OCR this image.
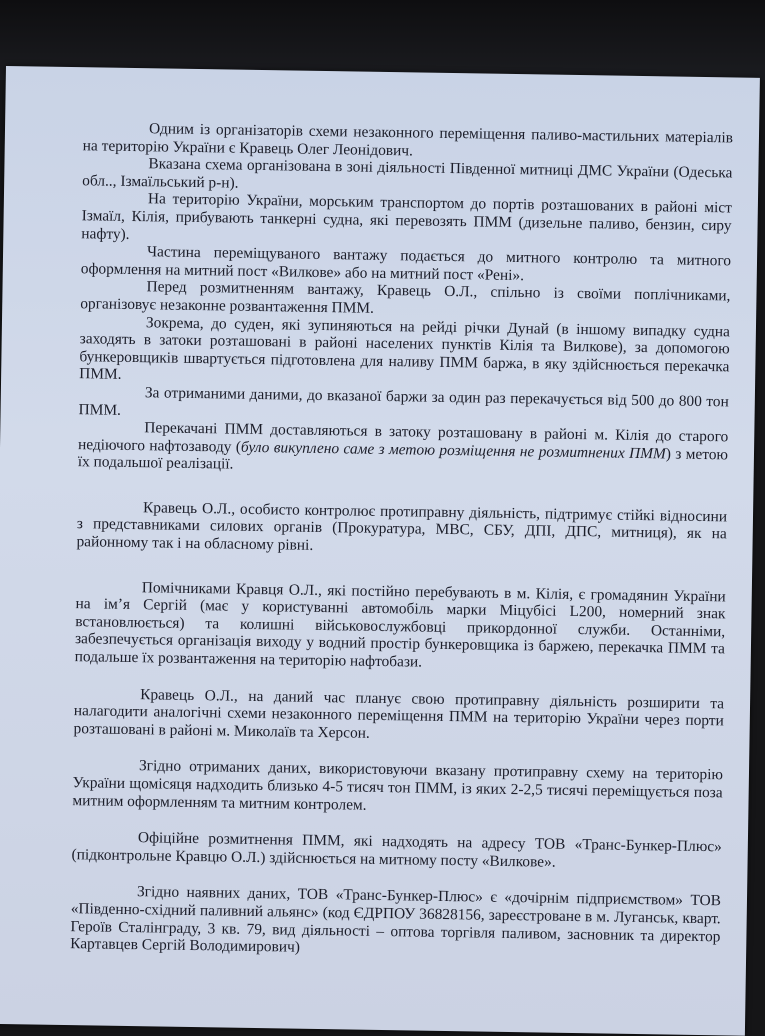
Одним із організаторів схеми незаконного переміщення паливо-мастильних матеріалів на територію України є Кравець Олег Леонідович.

Вказана схема організована в зоні діяльності Південної митниці ДМС України (Одеська обл.., Ізмаїльський р-н).

На територію України, морським транспортом до портів розташованих в районі міст Ізмаїл, Кілія, прибувають танкерні судна, які перевозять ПММ (дизельне паливо, бензин, сиру нафту).

Частина переміщуваного вантажу подається до митного контролю та митного оформлення на митний пост «Вилкове» або на митний пост «Рені».

Перед розмитненням вантажу, Кравець О.Л., спільно із своїми поплічниками, організовує незаконне розвантаження ПММ.

Зокрема, до суден, які зупиняються на рейді річки Дунай (в іншому випадку судна заходять в затоки розташовані в районі населених пунктів Кілія та Вилкове), за допомогою бункеровщиків швартується підготовлена для наливу ПММ баржа, в яку здійснюється перекачка ПММ.

За отриманими даними, до вказаної баржи за один раз перекачується від 500 до 800 тон ПММ.

Перекачані ПММ доставляються в затоку розташовану в районі м. Кілія до старого недіючого нафтозаводу (було викуплено саме з метою розміщення не розмитнених ПММ) з метою їх подальшої реалізації.

Кравець О.Л., особисто контролює протиправну діяльність, підтримує стійкі відносини з представниками силових органів (Прокуратура, МВС, СБУ, ДПІ, ДПС, митниця), як на районному так і на обласному рівні.

Помічниками Кравця О.Л., які постійно перебувають в м. Кілія, є громадянин України на ім’я Сергій (має у користуванні автомобіль марки Міцубісі L200, номерний знак встановлюється) та колишні військовослужбовці прикордонної служби. Останніми, забезпечується організація виходу у водний простір бункеровщика із баржею, перекачка ПММ та подальше їх розвантаження на територію нафтобази.

Кравець О.Л., на даний час планує свою протиправну діяльність розширити та налагодити аналогічні схеми незаконного переміщення ПММ на територію України через порти розташовані в районі м. Миколаїв та Херсон.

Згідно отриманих даних, використовуючи вказану протиправну схему на територію України щомісяця надходить близько 4-5 тисяч тон ПММ, із яких 2-2,5 тисячі переміщується поза митним оформленням та митним контролем.

Офіційне розмитнення ПММ, які надходять на адресу ТОВ «Транс-Бункер-Плюс» (підконтрольне Кравцю О.Л.) здійснюється на митному посту «Вилкове».

Згідно наявних даних, ТОВ «Транс-Бункер-Плюс» є «дочірнім підприємством» ТОВ «Південно-східний паливний альянс» (код ЄДРПОУ 36828156, зареєстроване в м. Луганськ, кварт. Героїв Сталінграду, 3 кв. 79, вид діяльності – оптова торгівля паливом, засновник та директор Картавцев Сергій Володимирович)
